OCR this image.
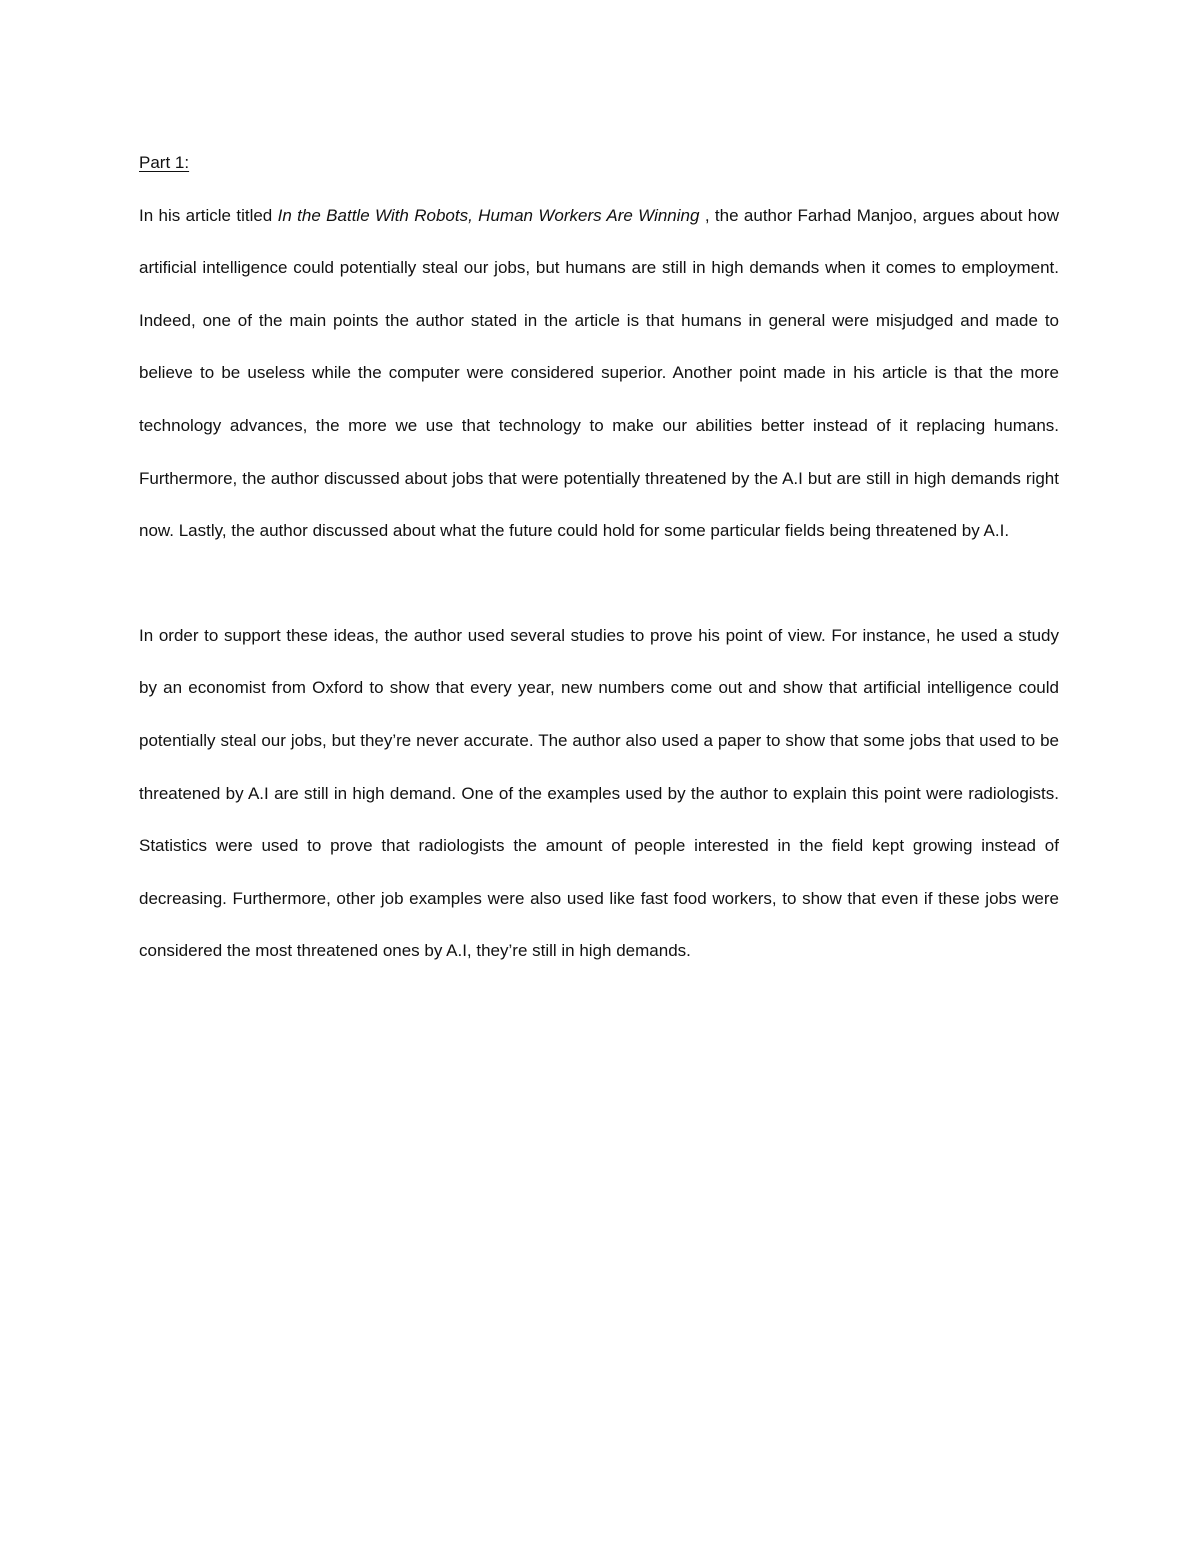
Part 1:

In his article titled In the Battle With Robots, Human Workers Are Winning , the author Farhad Manjoo, argues about how artificial intelligence could potentially steal our jobs, but humans are still in high demands when it comes to employment. Indeed, one of the main points the author stated in the article is that humans in general were misjudged and made to believe to be useless while the computer were considered superior. Another point made in his article is that the more technology advances, the more we use that technology to make our abilities better instead of it replacing humans. Furthermore, the author discussed about jobs that were potentially threatened by the A.I but are still in high demands right now. Lastly, the author discussed about what the future could hold for some particular fields being threatened by A.I.

In order to support these ideas, the author used several studies to prove his point of view. For instance, he used a study by an economist from Oxford to show that every year, new numbers come out and show that artificial intelligence could potentially steal our jobs, but they’re never accurate. The author also used a paper to show that some jobs that used to be threatened by A.I are still in high demand. One of the examples used by the author to explain this point were radiologists. Statistics were used to prove that radiologists the amount of people interested in the field kept growing instead of decreasing. Furthermore, other job examples were also used like fast food workers, to show that even if these jobs were considered the most threatened ones by A.I, they’re still in high demands.
